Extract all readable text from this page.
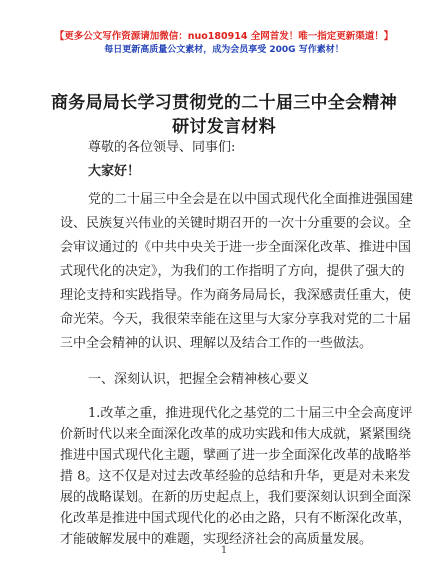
【更多公文写作资源请加微信：nuo180914 全网首发！唯一指定更新渠道！】
每日更新高质量公文素材，成为会员享受 200G 写作素材！
商务局局长学习贯彻党的二十届三中全会精神
研讨发言材料
尊敬的各位领导、同事们:
大家好！
党的二十届三中全会是在以中国式现代化全面推进强国建
设、民族复兴伟业的关键时期召开的一次十分重要的会议。全
会审议通过的《中共中央关于进一步全面深化改革、推进中国
式现代化的决定》，为我们的工作指明了方向，提供了强大的
理论支持和实践指导。作为商务局局长，我深感责任重大，使
命光荣。今天，我很荣幸能在这里与大家分享我对党的二十届
三中全会精神的认识、理解以及结合工作的一些做法。
一、深刻认识，把握全会精神核心要义
1.改革之重，推进现代化之基党的二十届三中全会高度评
价新时代以来全面深化改革的成功实践和伟大成就，紧紧围绕
推进中国式现代化主题，擘画了进一步全面深化改革的战略举
措 8。这不仅是对过去改革经验的总结和升华，更是对未来发
展的战略谋划。在新的历史起点上，我们要深刻认识到全面深
1
化改革是推进中国式现代化的必由之路，只有不断深化改革，
才能破解发展中的难题，实现经济社会的高质量发展。
